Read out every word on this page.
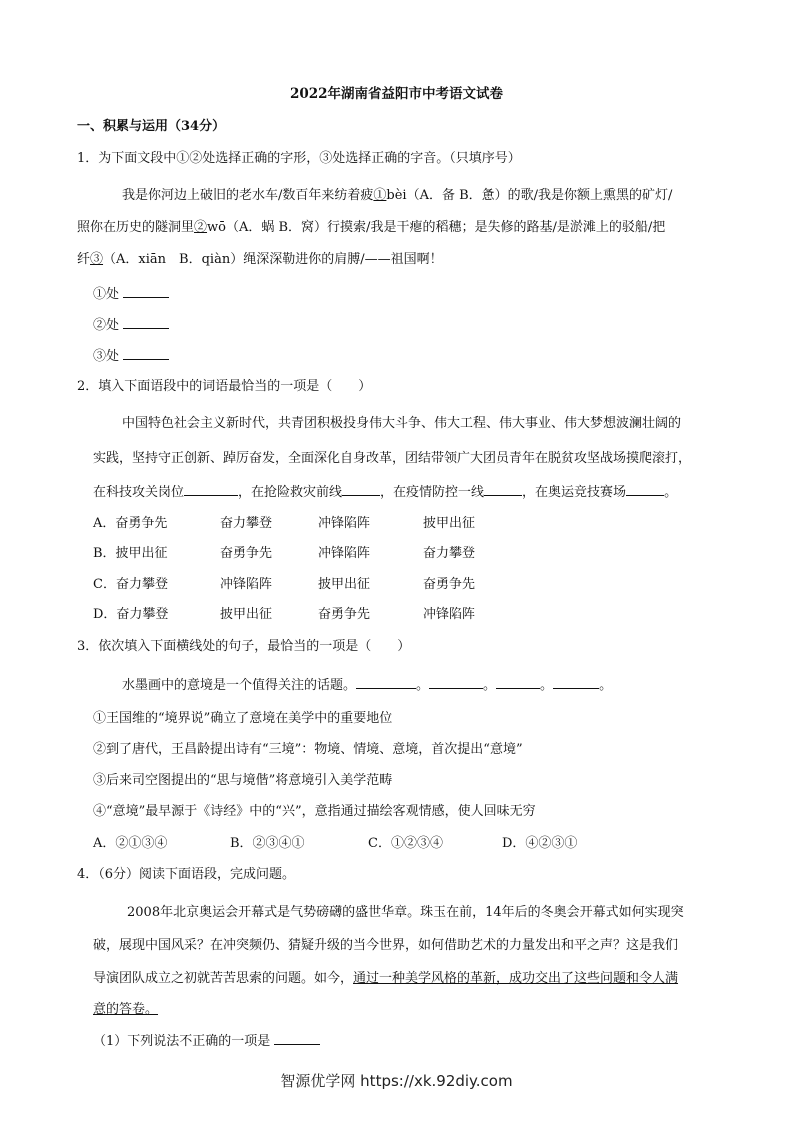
2022年湖南省益阳市中考语文试卷
一、积累与运用（34分）
1．为下面文段中①②处选择正确的字形，③处选择正确的字音。（只填序号）
我是你河边上破旧的老水车/数百年来纺着疲①bèi（A．备 B．惫）的歌/我是你额上熏黑的矿灯/
照你在历史的隧洞里②wō（A．蜗 B．窝）行摸索/我是干瘪的稻穗；是失修的路基/是淤滩上的驳船/把
纤③（A．xiān　B．qiàn）绳深深勒进你的肩膊/——祖国啊！
①处
②处
③处
2．填入下面语段中的词语最恰当的一项是（　　）
中国特色社会主义新时代，共青团积极投身伟大斗争、伟大工程、伟大事业、伟大梦想波澜壮阔的
实践，坚持守正创新、踔厉奋发，全面深化自身改革，团结带领广大团员青年在脱贫攻坚战场摸爬滚打，
在科技攻关岗位	，在抢险救灾前线	，在疫情防控一线	，在奥运竞技赛场	。
A．奋勇争先	奋力攀登	冲锋陷阵	披甲出征
B．披甲出征	奋勇争先	冲锋陷阵	奋力攀登
C．奋力攀登	冲锋陷阵	披甲出征	奋勇争先
D．奋力攀登	披甲出征	奋勇争先	冲锋陷阵
3．依次填入下面横线处的句子，最恰当的一项是（　　）
水墨画中的意境是一个值得关注的话题。	。	。	。	。
①王国维的“境界说”确立了意境在美学中的重要地位
②到了唐代，王昌龄提出诗有“三境”：物境、情境、意境，首次提出“意境”
③后来司空图提出的“思与境偕”将意境引入美学范畴
④“意境”最早源于《诗经》中的“兴”，意指通过描绘客观情感，使人回味无穷
A．②①③④	B．②③④①	C．①②③④	D．④②③①
4．（6分）阅读下面语段，完成问题。
2008年北京奥运会开幕式是气势磅礴的盛世华章。珠玉在前，14年后的冬奥会开幕式如何实现突
破，展现中国风采？在冲突频仍、猜疑升级的当今世界，如何借助艺术的力量发出和平之声？这是我们
导演团队成立之初就苦苦思索的问题。如今，通过一种美学风格的革新，成功交出了这些问题和令人满
意的答卷。
（1）下列说法不正确的一项是
智源优学网 https://xk.92diy.com
